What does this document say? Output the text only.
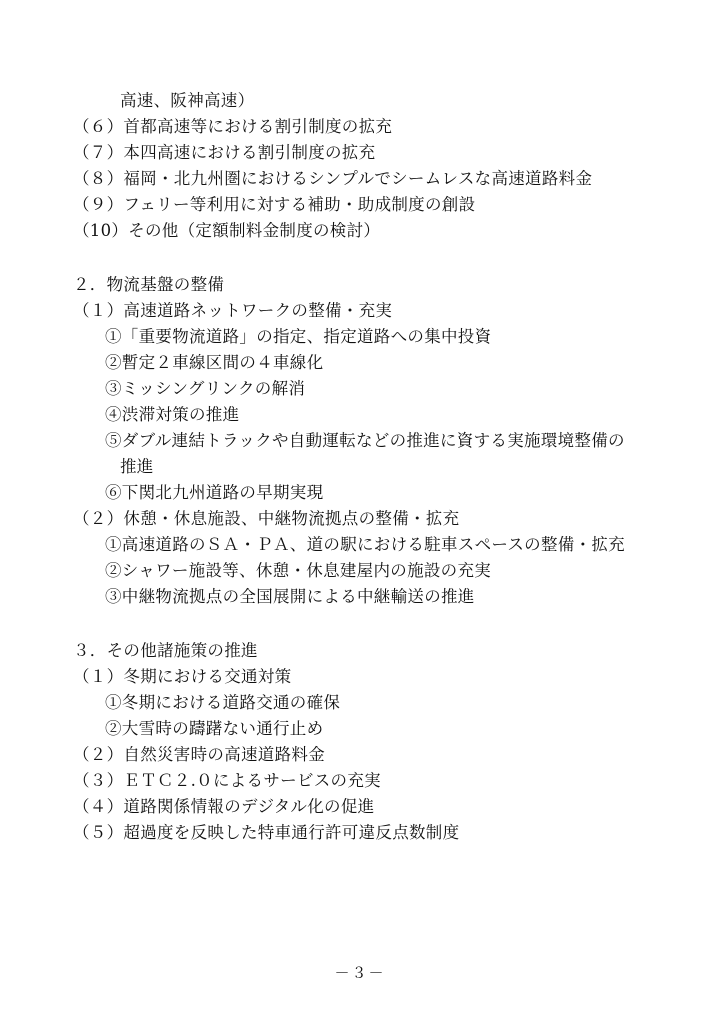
高速、阪神高速）
（６）首都高速等における割引制度の拡充
（７）本四高速における割引制度の拡充
（８）福岡・北九州圏におけるシンプルでシームレスな高速道路料金
（９）フェリー等利用に対する補助・助成制度の創設
（10）その他（定額制料金制度の検討）
２．物流基盤の整備
（１）高速道路ネットワークの整備・充実
①「重要物流道路」の指定、指定道路への集中投資
②暫定２車線区間の４車線化
③ミッシングリンクの解消
④渋滞対策の推進
⑤ダブル連結トラックや自動運転などの推進に資する実施環境整備の
推進
⑥下関北九州道路の早期実現
（２）休憩・休息施設、中継物流拠点の整備・拡充
①高速道路のＳＡ・ＰＡ、道の駅における駐車スペースの整備・拡充
②シャワー施設等、休憩・休息建屋内の施設の充実
③中継物流拠点の全国展開による中継輸送の推進
３．その他諸施策の推進
（１）冬期における交通対策
①冬期における道路交通の確保
②大雪時の躊躇ない通行止め
（２）自然災害時の高速道路料金
（３）ＥＴＣ２.０によるサービスの充実
（４）道路関係情報のデジタル化の促進
（５）超過度を反映した特車通行許可違反点数制度
－３－
